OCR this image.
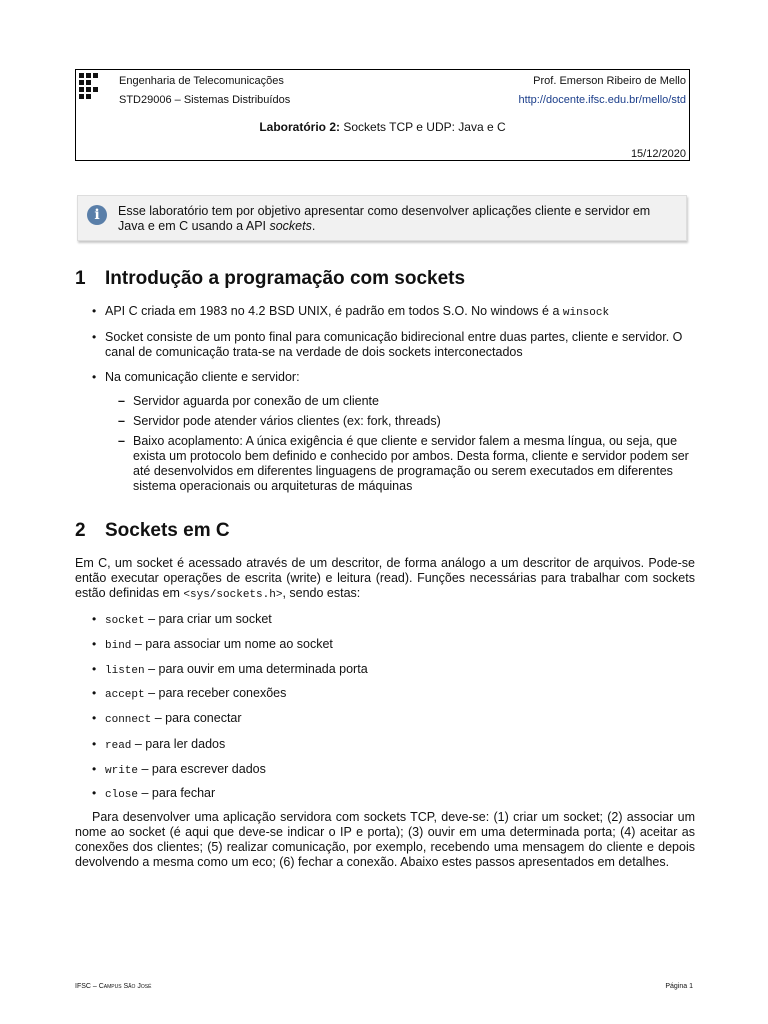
Engenharia de Telecomunicações
STD29006 – Sistemas Distribuídos
Prof. Emerson Ribeiro de Mello
http://docente.ifsc.edu.br/mello/std
Laboratório 2: Sockets TCP e UDP: Java e C
15/12/2020
i	Esse laboratório tem por objetivo apresentar como desenvolver aplicações cliente e servidor em Java e em C usando a API sockets.
1 Introdução a programação com sockets
• API C criada em 1983 no 4.2 BSD UNIX, é padrão em todos S.O. No windows é a winsock
• Socket consiste de um ponto final para comunicação bidirecional entre duas partes, cliente e servidor. O canal de comunicação trata-se na verdade de dois sockets interconectados
• Na comunicação cliente e servidor:
– Servidor aguarda por conexão de um cliente
– Servidor pode atender vários clientes (ex: fork, threads)
– Baixo acoplamento: A única exigência é que cliente e servidor falem a mesma língua, ou seja, que exista um protocolo bem definido e conhecido por ambos. Desta forma, cliente e servidor podem ser até desenvolvidos em diferentes linguagens de programação ou serem executados em diferentes sistema operacionais ou arquiteturas de máquinas
2 Sockets em C
Em C, um socket é acessado através de um descritor, de forma análogo a um descritor de arquivos. Pode-se então executar operações de escrita (write) e leitura (read). Funções necessárias para trabalhar com sockets estão definidas em <sys/sockets.h>, sendo estas:
• socket – para criar um socket
• bind – para associar um nome ao socket
• listen – para ouvir em uma determinada porta
• accept – para receber conexões
• connect – para conectar
• read – para ler dados
• write – para escrever dados
• close – para fechar
Para desenvolver uma aplicação servidora com sockets TCP, deve-se: (1) criar um socket; (2) associar um nome ao socket (é aqui que deve-se indicar o IP e porta); (3) ouvir em uma determinada porta; (4) aceitar as conexões dos clientes; (5) realizar comunicação, por exemplo, recebendo uma mensagem do cliente e depois devolvendo a mesma como um eco; (6) fechar a conexão. Abaixo estes passos apresentados em detalhes.
IFSC – Campus São José	Página 1
